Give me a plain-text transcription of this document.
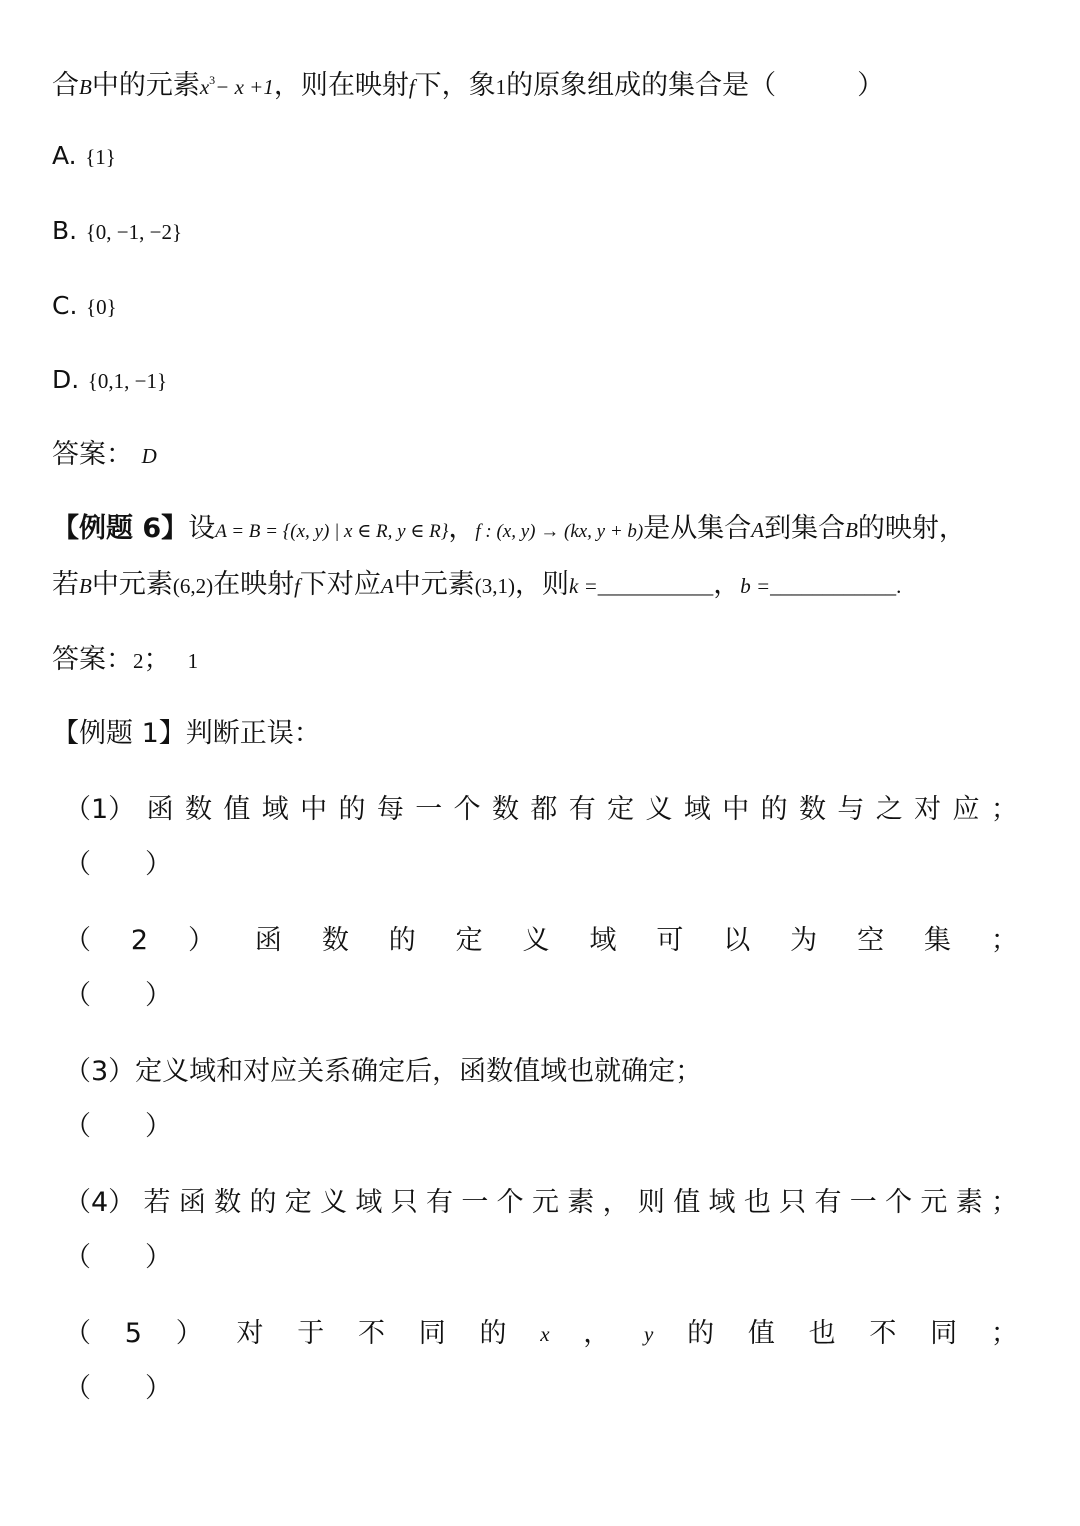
合B中的元素$x^3- x +1$，则在映射f下，象1的原象组成的集合是（　　　）
A. {1}
B. {0, −1, −2}
C. {0}
D. {0,1, −1}
答案： D
【例题 6】设A = B = {(x, y) | x ∈ R, y ∈ R}，f : (x, y) → (kx, y + b)是从集合A到集合B的映射，
若B中元素(6,2)在映射f下对应A中元素(3,1)，则k =___________，b =____________.
答案：2； 1
【例题 1】判断正误：
（1） 函 数 值 域 中 的 每 一 个 数 都 有 定 义 域 中 的 数 与 之 对 应 ；
（　　）
（ 2 ） 函 数 的 定 义 域 可 以 为 空 集 ；
（　　）
（3）定义域和对应关系确定后，函数值域也就确定；
（　　）
（4） 若 函 数 的 定 义 域 只 有 一 个 元 素 ， 则 值 域 也 只 有 一 个 元 素 ；
（　　）
（ 5 ） 对 于 不 同 的 x ， y 的 值 也 不 同 ；
（　　）
